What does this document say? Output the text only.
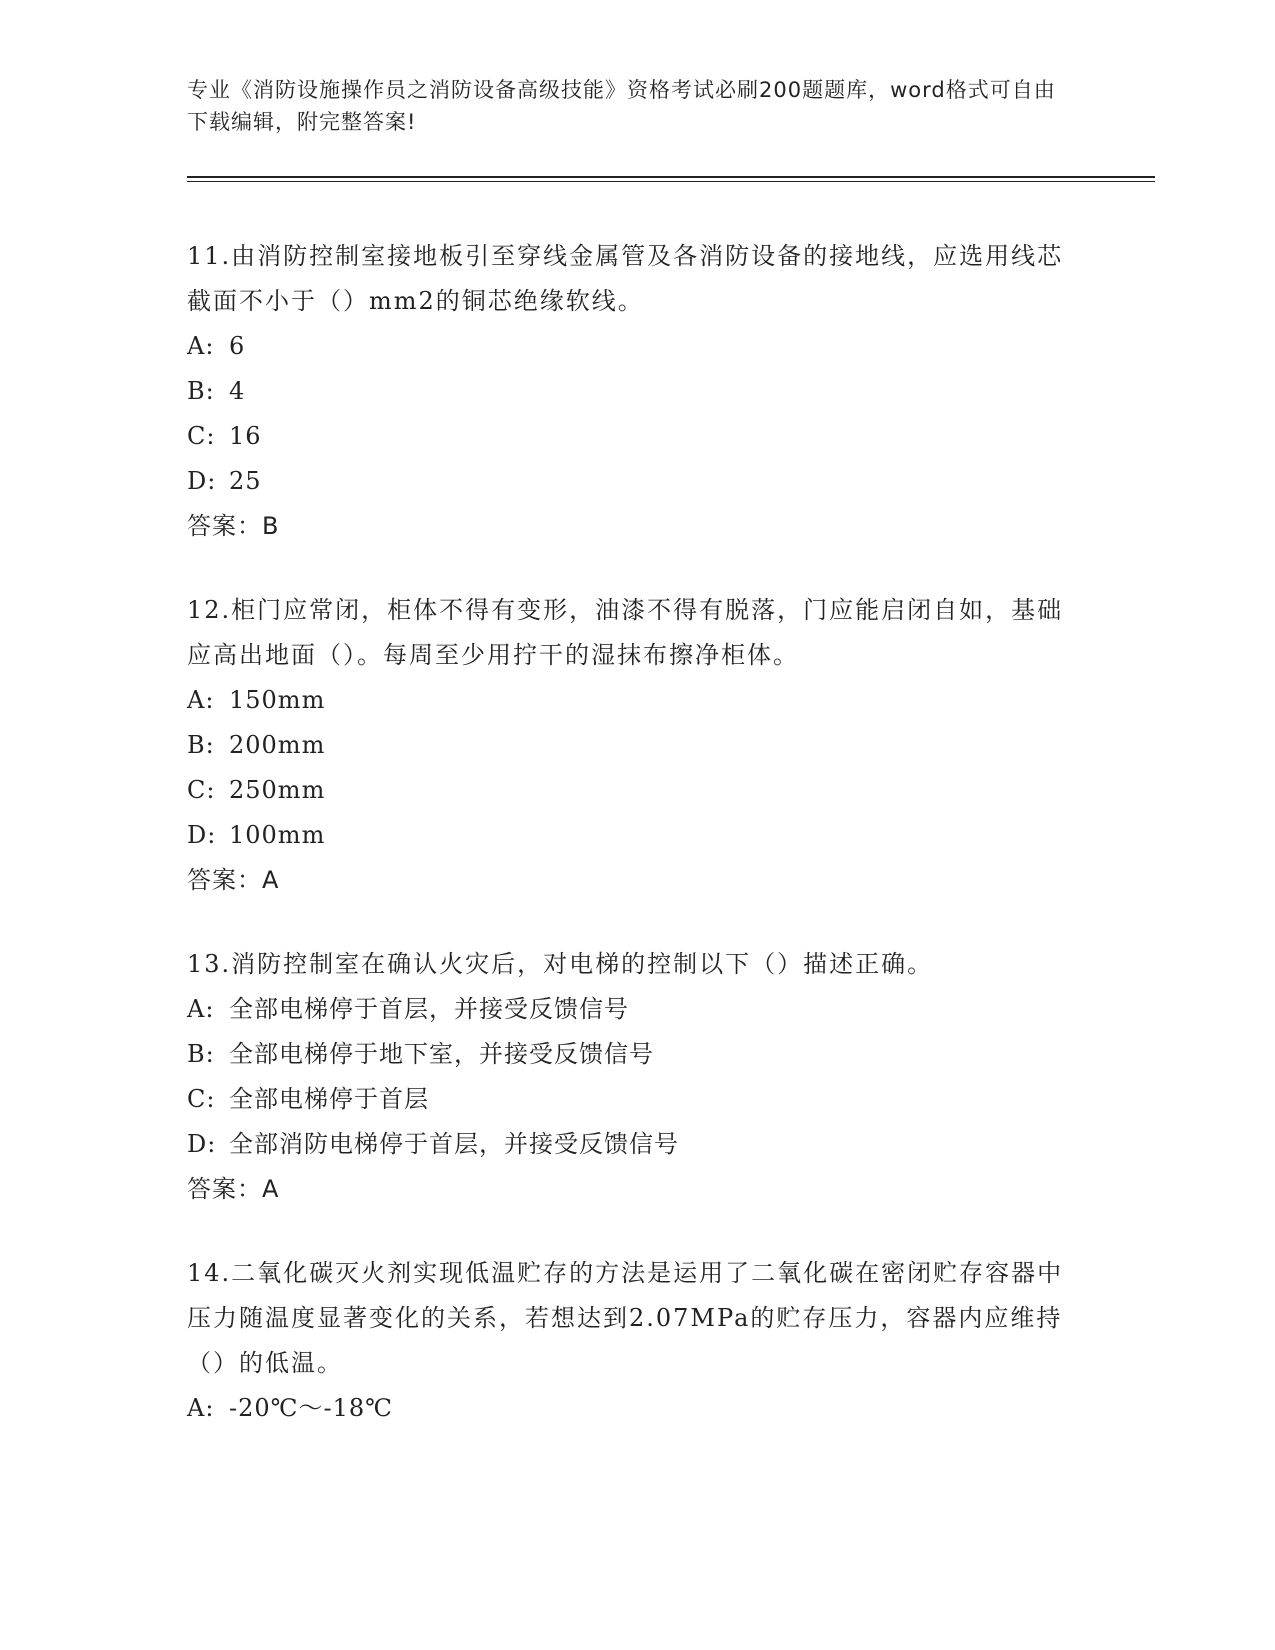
专业《消防设施操作员之消防设备高级技能》资格考试必刷200题题库，word格式可自由下载编辑，附完整答案!

11.由消防控制室接地板引至穿线金属管及各消防设备的接地线，应选用线芯截面不小于（）mm2的铜芯绝缘软线。

A: 6

B: 4

C: 16

D: 25

答案：B

12.柜门应常闭，柜体不得有变形，油漆不得有脱落，门应能启闭自如，基础应高出地面（）。每周至少用拧干的湿抹布擦净柜体。

A: 150mm

B: 200mm

C: 250mm

D: 100mm

答案：A

13.消防控制室在确认火灾后，对电梯的控制以下（）描述正确。

A: 全部电梯停于首层，并接受反馈信号

B: 全部电梯停于地下室，并接受反馈信号

C: 全部电梯停于首层

D: 全部消防电梯停于首层，并接受反馈信号

答案：A

14.二氧化碳灭火剂实现低温贮存的方法是运用了二氧化碳在密闭贮存容器中压力随温度显著变化的关系，若想达到2.07MPa的贮存压力，容器内应维持（）的低温。

A: -20℃～-18℃
